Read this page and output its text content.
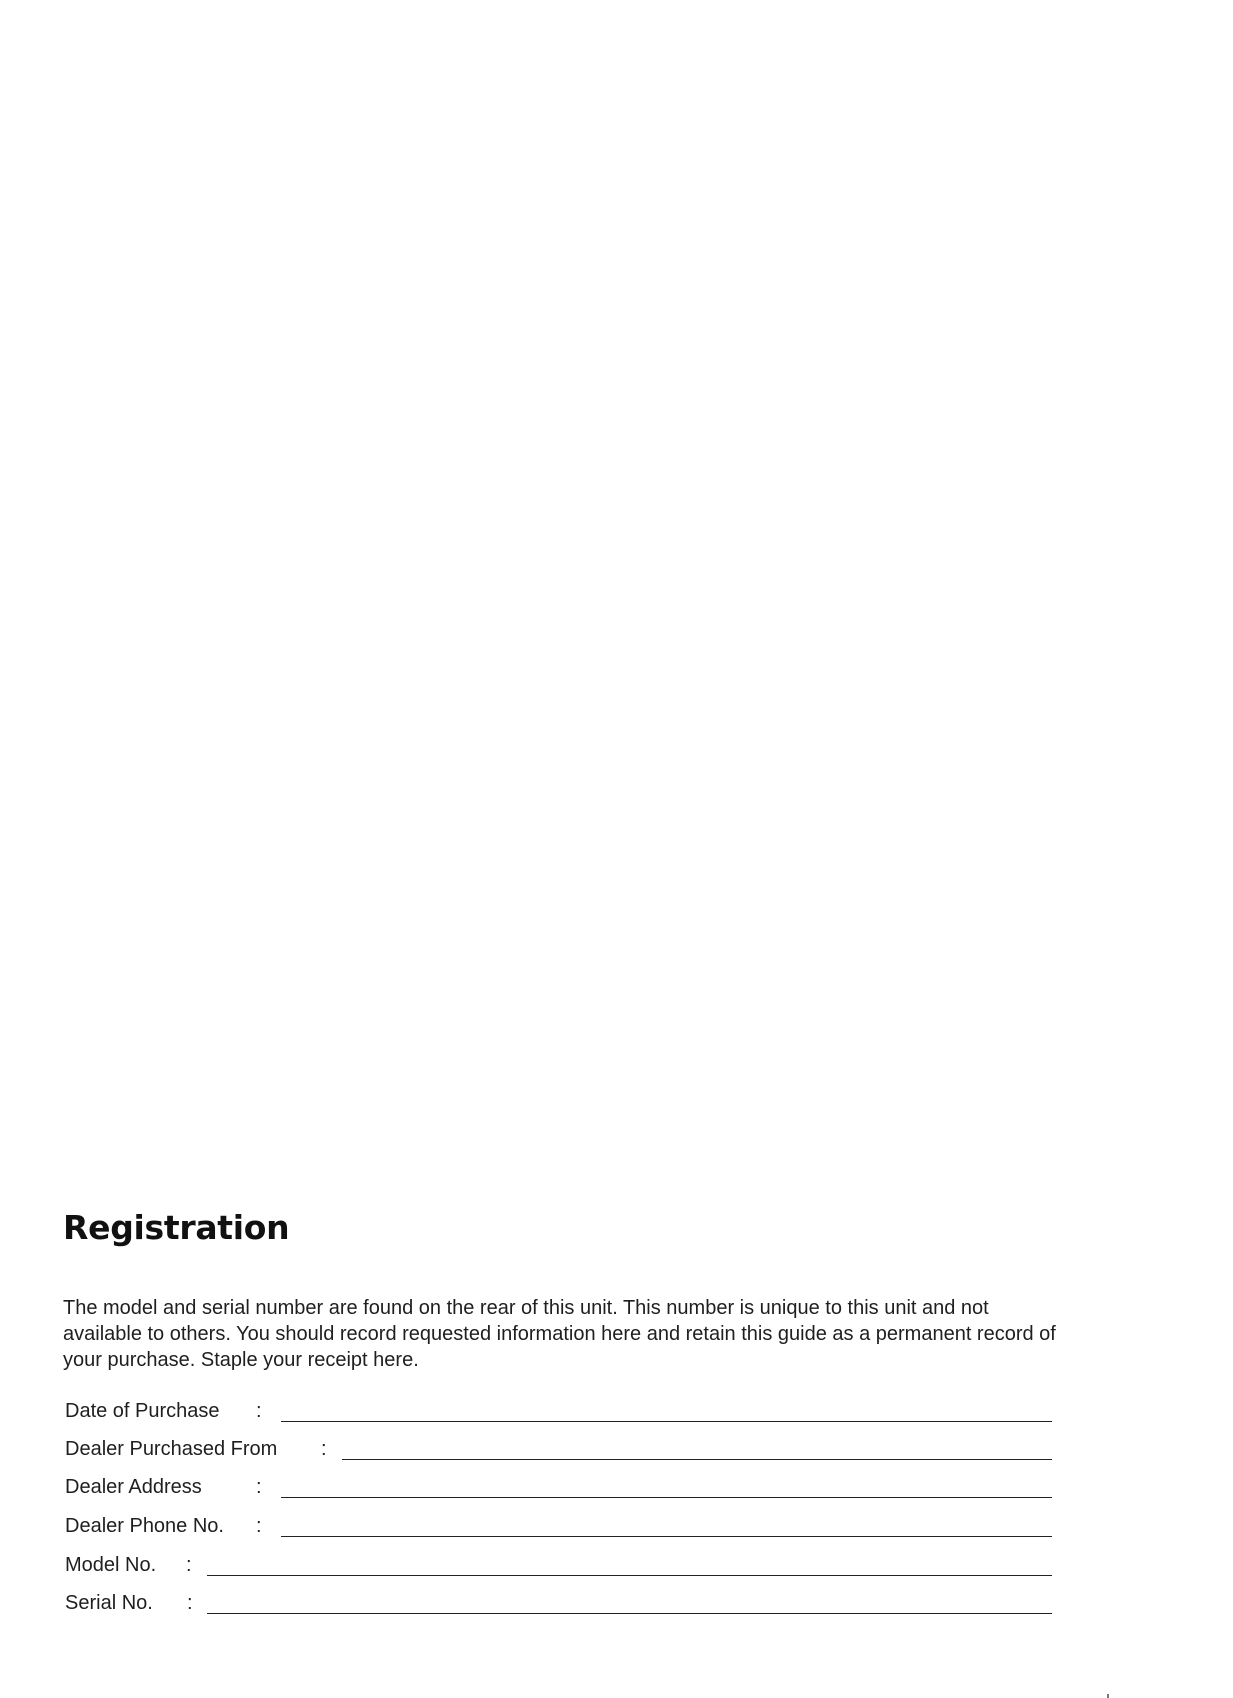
Registration

The model and serial number are found on the rear of this unit. This number is unique to this unit and not available to others. You should record requested information here and retain this guide as a permanent record of your purchase. Staple your receipt here.

Date of Purchase :
Dealer Purchased From :
Dealer Address	:
Dealer Phone No. :
Model No. :
Serial No. :
